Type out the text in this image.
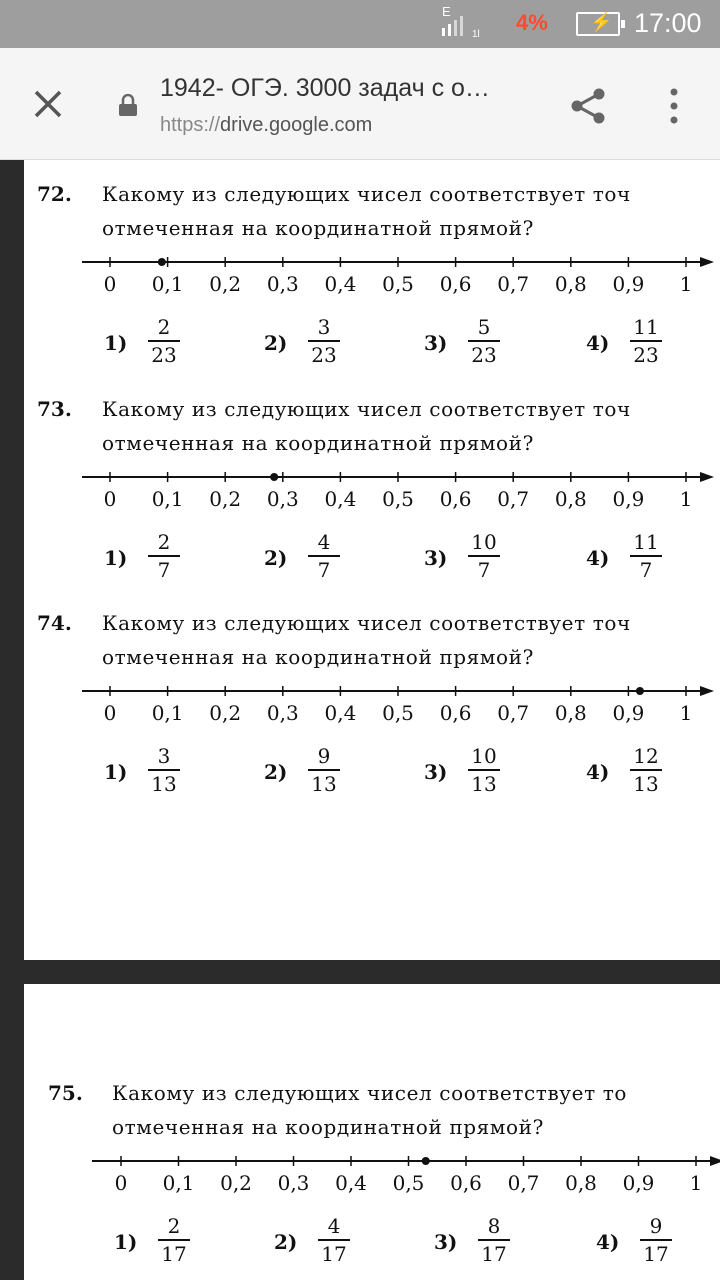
E
1l 4% ⚡ 17:00
1942- ОГЭ. 3000 задач с о…
https://drive.google.com
72. Какому из следующих чисел соответствует точ
отмеченная на координатной прямой?
0 0,1 0,2 0,3 0,4 0,5 0,6 0,7 0,8 0,9 1
1)
2
23	2)
3
23	3)
5
23	4)
11
23
73. Какому из следующих чисел соответствует точ
отмеченная на координатной прямой?
0 0,1 0,2 0,3 0,4 0,5 0,6 0,7 0,8 0,9 1
1)
2
7	2)
4
7	3)
10
7	4)
11
7
74. Какому из следующих чисел соответствует точ
отмеченная на координатной прямой?
0 0,1 0,2 0,3 0,4 0,5 0,6 0,7 0,8 0,9 1
1)
3
13	2)
9
13	3)
10
13	4)
12
13
75. Какому из следующих чисел соответствует то
отмеченная на координатной прямой?
0 0,1 0,2 0,3 0,4 0,5 0,6 0,7 0,8 0,9 1
1)
2
17	2)
4
17	3)
8
17	4)
9
17
